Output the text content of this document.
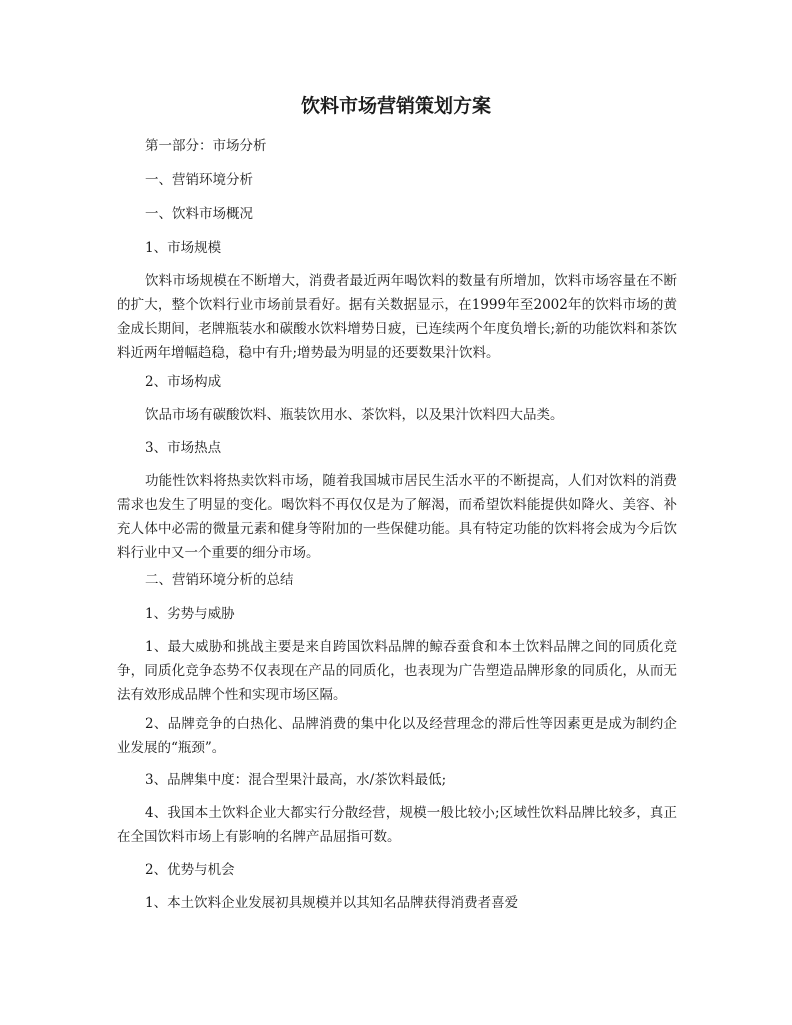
饮料市场营销策划方案

第一部分：市场分析

一、营销环境分析

一、饮料市场概况

1、市场规模

饮料市场规模在不断增大，消费者最近两年喝饮料的数量有所增加，饮料市场容量在不断的扩大，整个饮料行业市场前景看好。据有关数据显示，在1999年至2002年的饮料市场的黄金成长期间，老牌瓶装水和碳酸水饮料增势日疲，已连续两个年度负增长;新的功能饮料和茶饮料近两年增幅趋稳，稳中有升;增势最为明显的还要数果汁饮料。

2、市场构成

饮品市场有碳酸饮料、瓶装饮用水、茶饮料，以及果汁饮料四大品类。

3、市场热点

功能性饮料将热卖饮料市场，随着我国城市居民生活水平的不断提高，人们对饮料的消费需求也发生了明显的变化。喝饮料不再仅仅是为了解渴，而希望饮料能提供如降火、美容、补充人体中必需的微量元素和健身等附加的一些保健功能。具有特定功能的饮料将会成为今后饮料行业中又一个重要的细分市场。

二、营销环境分析的总结

1、劣势与威胁

1、最大威胁和挑战主要是来自跨国饮料品牌的鲸吞蚕食和本土饮料品牌之间的同质化竞争，同质化竞争态势不仅表现在产品的同质化，也表现为广告塑造品牌形象的同质化，从而无法有效形成品牌个性和实现市场区隔。

2、品牌竞争的白热化、品牌消费的集中化以及经营理念的滞后性等因素更是成为制约企业发展的“瓶颈”。

3、品牌集中度：混合型果汁最高，水/茶饮料最低;

4、我国本土饮料企业大都实行分散经营，规模一般比较小;区域性饮料品牌比较多，真正在全国饮料市场上有影响的名牌产品屈指可数。

2、优势与机会

1、本土饮料企业发展初具规模并以其知名品牌获得消费者喜爱
